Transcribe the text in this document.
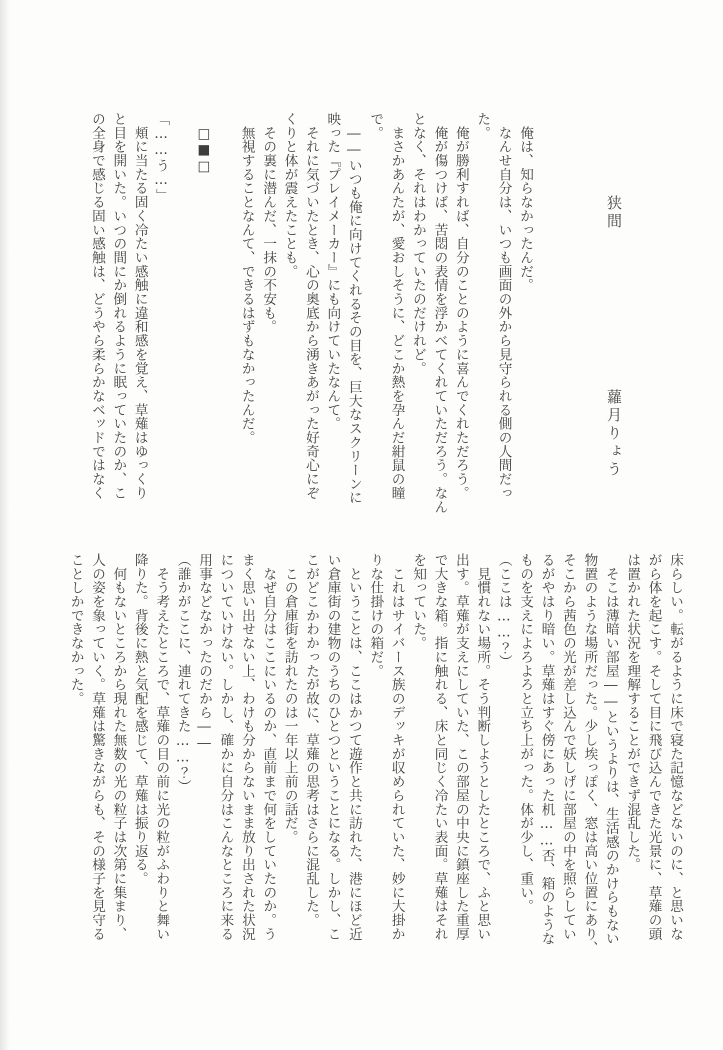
狭間 蘿月りょう
　俺は、知らなかったんだ。
　なんせ自分は、いつも画面の外から見守られる側の人間だっ
た。
　俺が勝利すれば、自分のことのように喜んでくれただろう。
　俺が傷つけば、苦悶の表情を浮かべてくれていただろう。なん
となく、それはわかっていたのだけれど。
　まさかあんたが、愛おしそうに、どこか熱を孕んだ紺鼠の瞳
で。
　――いつも俺に向けてくれるその目を、巨大なスクリーンに
映った『プレイメーカー』にも向けていたなんて。
　それに気づいたとき、心の奥底から湧きあがった好奇心にぞ
くりと体が震えたことも。
　その裏に潜んだ、一抹の不安も。
　無視することなんて、できるはずもなかったんだ。

　□■□

「……う…」
　頬に当たる固く冷たい感触に違和感を覚え、草薙はゆっくり
と目を開いた。いつの間にか倒れるように眠っていたのか、こ
の全身で感じる固い感触は、どうやら柔らかなベッドではなく
床らしい。転がるように床で寝た記憶などないのに、と思いな
がら体を起こす。そして目に飛び込んできた光景に、草薙の頭
は置かれた状況を理解することができず混乱した。
　そこは薄暗い部屋――というよりは、生活感のかけらもない
物置のような場所だった。少し埃っぽく、窓は高い位置にあり、
そこから茜色の光が差し込んで妖しげに部屋の中を照らしてい
るがやはり暗い。草薙はすぐ傍にあった机……否、箱のような
ものを支えによろよろと立ち上がった。体が少し、重い。
（ここは……？）
　見慣れない場所。そう判断しようとしたところで、ふと思い
出す。草薙が支えにしていた、この部屋の中央に鎮座した重厚
で大きな箱。指に触れる、床と同じく冷たい表面。草薙はそれ
を知っていた。
　これはサイバース族のデッキが収められていた、妙に大掛か
りな仕掛けの箱だ。
　ということは、ここはかつて遊作と共に訪れた、港にほど近
い倉庫街の建物のうちのひとつということになる。しかし、こ
こがどこかわかったが故に、草薙の思考はさらに混乱した。
　この倉庫街を訪れたのは一年以上前の話だ。
　なぜ自分はここにいるのか、直前まで何をしていたのか。う
まく思い出せない上、わけも分からないまま放り出された状況
についていけない。しかし、確かに自分はこんなところに来る
用事などなかったのだから――
（誰かがここに、連れてきた……？）
　そう考えたところで、草薙の目の前に光の粒がふわりと舞い
降りた。背後に熱と気配を感じて、草薙は振り返る。
　何もないところから現れた無数の光の粒子は次第に集まり、
人の姿を象っていく。草薙は驚きながらも、その様子を見守る
ことしかできなかった。
